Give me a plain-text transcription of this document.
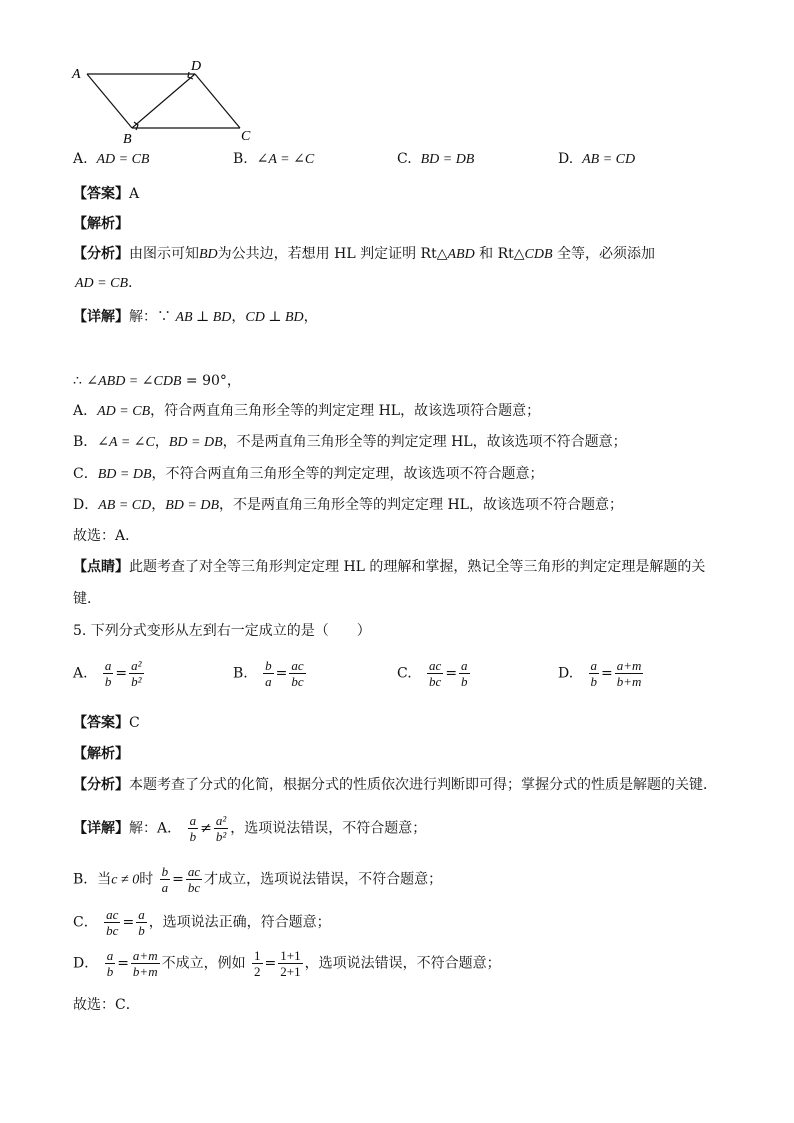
A
D
B	C
A. AD = CB	B. ∠A = ∠C	C. BD = DB	D. AB = CD
【答案】A
【解析】
【分析】由图示可知BD为公共边，若想用 HL 判定证明 Rt△ABD 和 Rt△CDB 全等，必须添加
AD = CB.
【详解】解：∵ AB ⊥ BD，CD ⊥ BD，
∴ ∠ABD = ∠CDB = 90°，
A．AD = CB，符合两直角三角形全等的判定定理 HL，故该选项符合题意；
B．∠A = ∠C，BD = DB，不是两直角三角形全等的判定定理 HL，故该选项不符合题意；
C．BD = DB，不符合两直角三角形全等的判定定理，故该选项不符合题意；
D．AB = CD，BD = DB，不是两直角三角形全等的判定定理 HL，故该选项不符合题意；
故选：A．
【点睛】此题考查了对全等三角形判定定理 HL 的理解和掌握，熟记全等三角形的判定定理是解题的关
键.
5. 下列分式变形从左到右一定成立的是（　　）
A. $\frac{a}{b} = \frac{\text{a²}}{\text{b²}}$	B. $\frac{b}{a} = \frac{ac}{bc}$	C. $\frac{ac}{bc} = \frac{a}{b}$	D. $\frac{a}{b} = \frac{a+m}{b+m}$
【答案】C
【解析】
【分析】本题考查了分式的化简，根据分式的性质依次进行判断即可得；掌握分式的性质是解题的关键．
【详解】解：A． $\frac{a}{b} \ne \frac{\text{a²}}{\text{b²}}$ ，选项说法错误，不符合题意；
B．当c ≠ 0时 $\frac{b}{a} = \frac{ac}{bc}$ 才成立，选项说法错误，不符合题意；
C． $\frac{ac}{bc} = \frac{a}{b}$ ，选项说法正确，符合题意；
D． $\frac{a}{b} = \frac{a+m}{b+m}$ 不成立，例如 $\frac{1}{2} = \frac{1+1}{2+1}$ ，选项说法错误，不符合题意；
故选：C．
